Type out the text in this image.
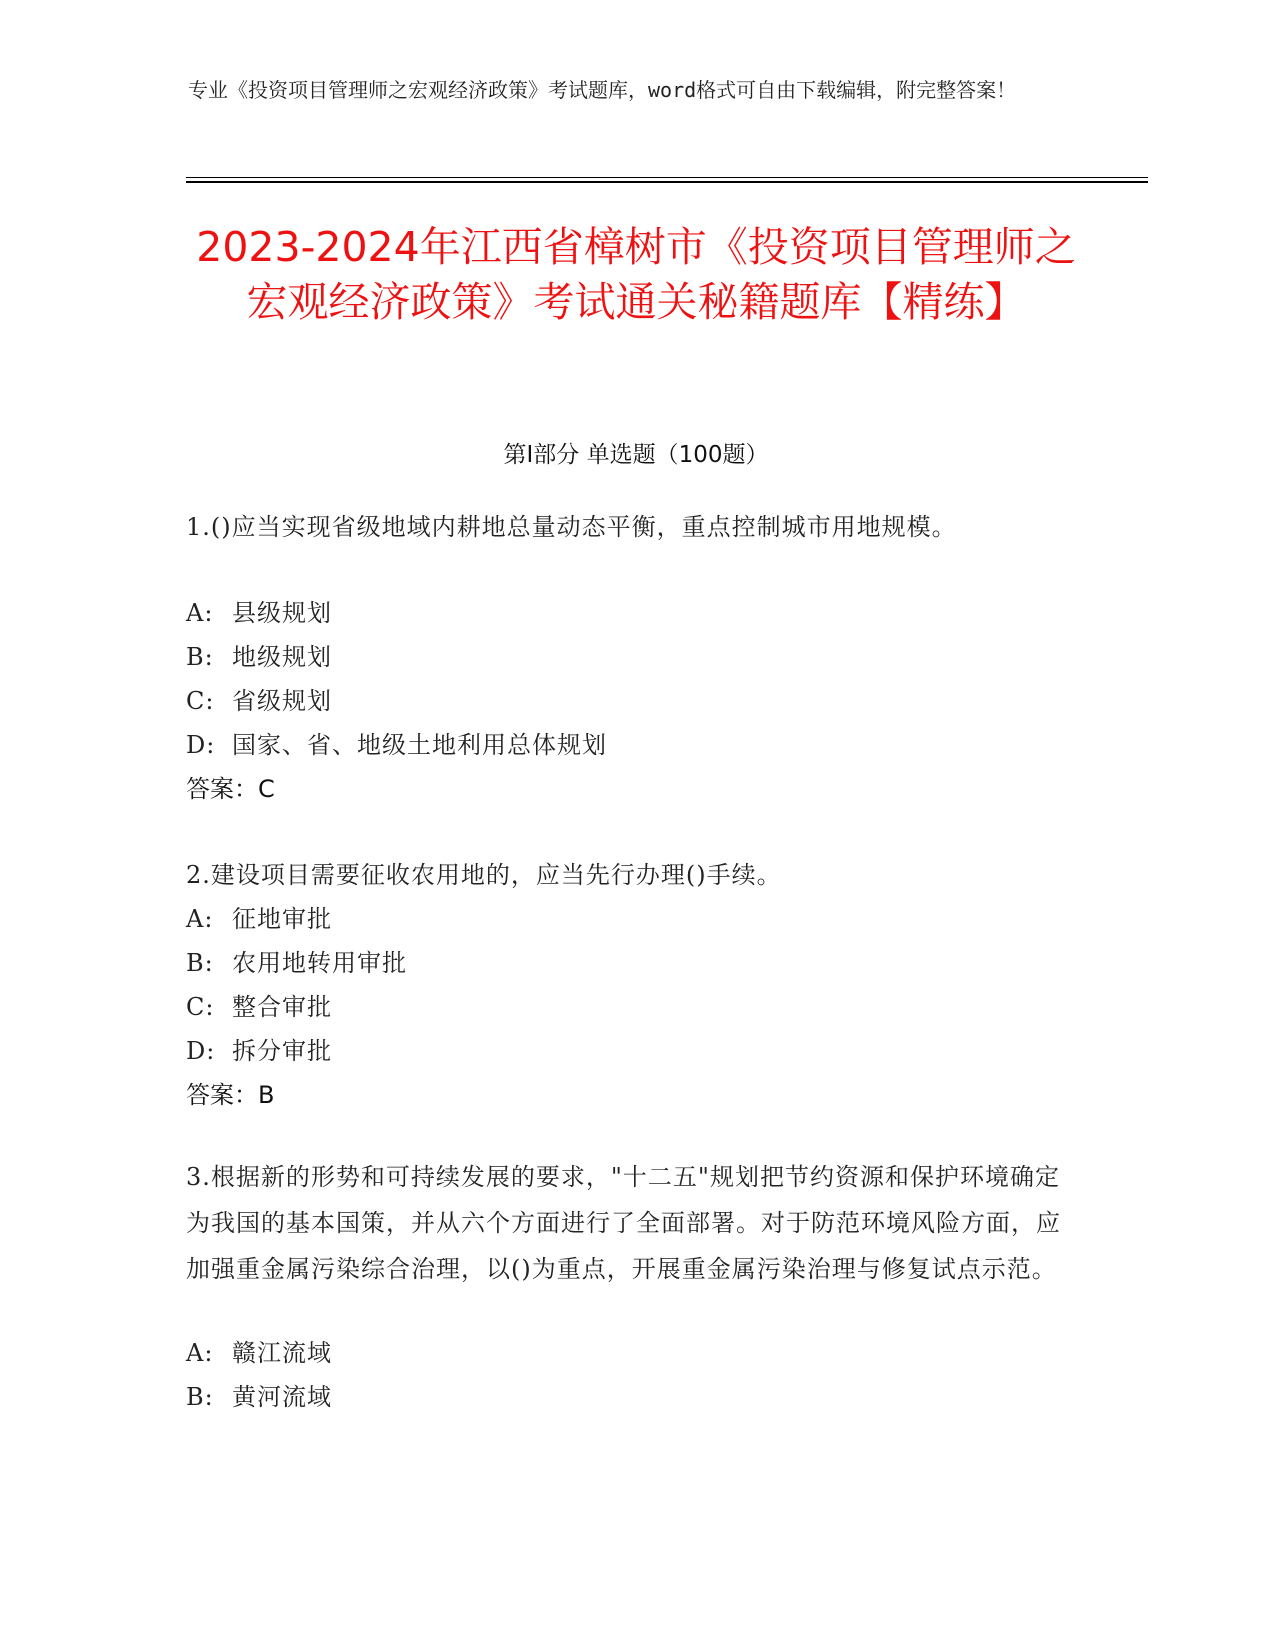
专业《投资项目管理师之宏观经济政策》考试题库，word格式可自由下载编辑，附完整答案！
2023-2024年江西省樟树市《投资项目管理师之宏观经济政策》考试通关秘籍题库【精练】
第Ⅰ部分 单选题（100题）
1.()应当实现省级地域内耕地总量动态平衡，重点控制城市用地规模。
A: 县级规划
B: 地级规划
C: 省级规划
D: 国家、省、地级土地利用总体规划
答案：C
2.建设项目需要征收农用地的，应当先行办理()手续。
A: 征地审批
B: 农用地转用审批
C: 整合审批
D: 拆分审批
答案：B
3.根据新的形势和可持续发展的要求，"十二五"规划把节约资源和保护环境确定为我国的基本国策，并从六个方面进行了全面部署。对于防范环境风险方面，应加强重金属污染综合治理，以()为重点，开展重金属污染治理与修复试点示范。
A: 赣江流域
B: 黄河流域
